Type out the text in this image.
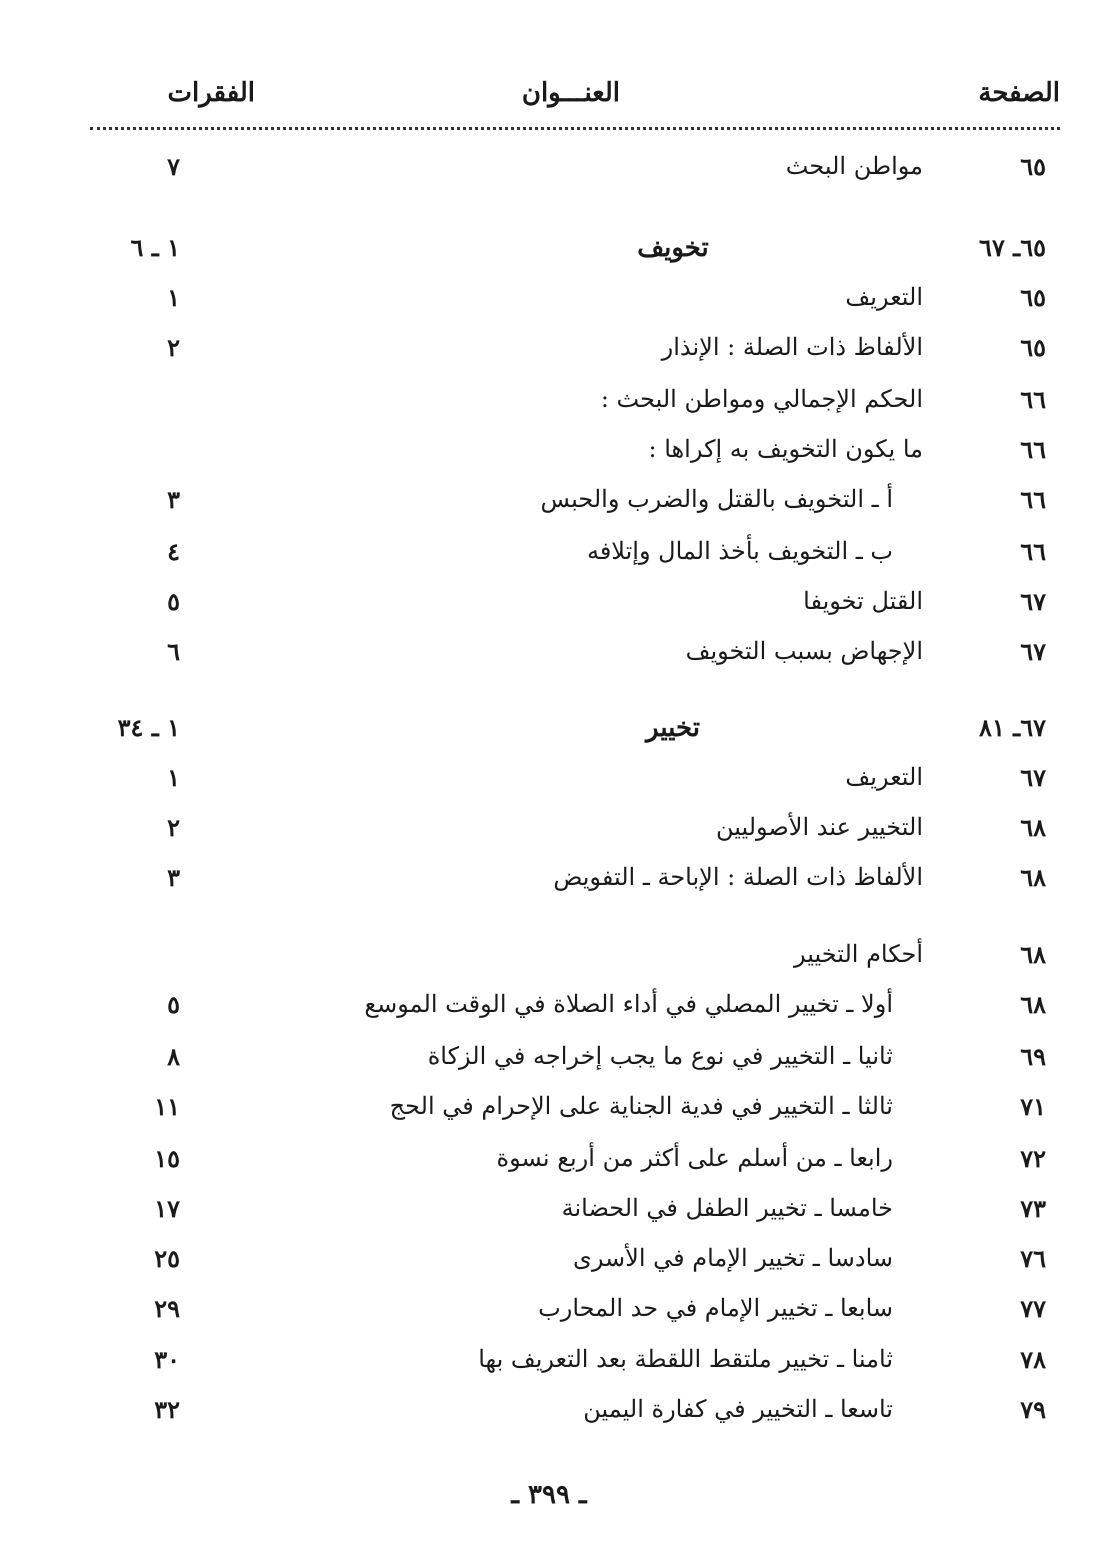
الصفحة
العنـــوان
الفقرات
٦٥
مواطن البحث
٧
٦٥ـ ٦٧
تخويف
١ ـ ٦
٦٥
التعريف
١
٦٥
الألفاظ ذات الصلة : الإنذار
٢
٦٦
الحكم الإجمالي ومواطن البحث :
٦٦
ما يكون التخويف به إكراها :
٦٦
أ ـ التخويف بالقتل والضرب والحبس
٣
٦٦
ب ـ التخويف بأخذ المال وإتلافه
٤
٦٧
القتل تخويفا
٥
٦٧
الإجهاض بسبب التخويف
٦
٦٧ـ ٨١
تخيير
١ ـ ٣٤
٦٧
التعريف
١
٦٨
التخيير عند الأصوليين
٢
٦٨
الألفاظ ذات الصلة : الإباحة ـ التفويض
٣
٦٨
أحكام التخيير
٦٨
أولا ـ تخيير المصلي في أداء الصلاة في الوقت الموسع
٥
٦٩
ثانيا ـ التخيير في نوع ما يجب إخراجه في الزكاة
٨
٧١
ثالثا ـ التخيير في فدية الجناية على الإحرام في الحج
١١
٧٢
رابعا ـ من أسلم على أكثر من أربع نسوة
١٥
٧٣
خامسا ـ تخيير الطفل في الحضانة
١٧
٧٦
سادسا ـ تخيير الإمام في الأسرى
٢٥
٧٧
سابعا ـ تخيير الإمام في حد المحارب
٢٩
٧٨
ثامنا ـ تخيير ملتقط اللقطة بعد التعريف بها
٣٠
٧٩
تاسعا ـ التخيير في كفارة اليمين
٣٢
ـ ٣٩٩ ـ
